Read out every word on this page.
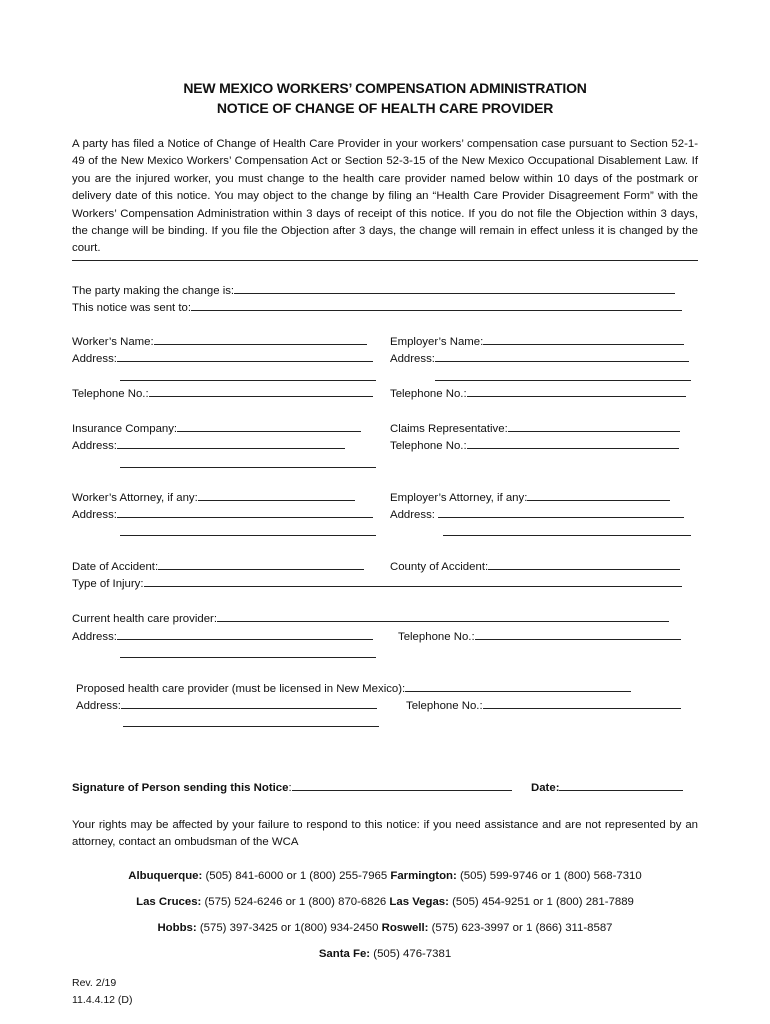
NEW MEXICO WORKERS’ COMPENSATION ADMINISTRATION
NOTICE OF CHANGE OF HEALTH CARE PROVIDER
A party has filed a Notice of Change of Health Care Provider in your workers’ compensation case pursuant to Section 52-1-49 of the New Mexico Workers’ Compensation Act or Section 52-3-15 of the New Mexico Occupational Disablement Law. If you are the injured worker, you must change to the health care provider named below within 10 days of the postmark or delivery date of this notice. You may object to the change by filing an “Health Care Provider Disagreement Form” with the Workers’ Compensation Administration within 3 days of receipt of this notice. If you do not file the Objection within 3 days, the change will be binding. If you file the Objection after 3 days, the change will remain in effect unless it is changed by the court.
The party making the change is:
This notice was sent to:
Worker’s Name:	Employer’s Name:
Address:	Address:
Telephone No.:	Telephone No.:
Insurance Company:	Claims Representative:
Address:	Telephone No.:
Worker’s Attorney, if any:	Employer’s Attorney, if any:
Address:	Address:
Date of Accident:	County of Accident:
Type of Injury:
Current health care provider:
Address:	Telephone No.:
Proposed health care provider (must be licensed in New Mexico):
Address:	Telephone No.:
Signature of Person sending this Notice:	Date:
Your rights may be affected by your failure to respond to this notice: if you need assistance and are not represented by an attorney, contact an ombudsman of the WCA
Albuquerque: (505) 841-6000 or 1 (800) 255-7965 Farmington: (505) 599-9746 or 1 (800) 568-7310
Las Cruces: (575) 524-6246 or 1 (800) 870-6826 Las Vegas: (505) 454-9251 or 1 (800) 281-7889
Hobbs: (575) 397-3425 or 1(800) 934-2450 Roswell: (575) 623-3997 or 1 (866) 311-8587
Santa Fe: (505) 476-7381
Rev. 2/19
11.4.4.12 (D)
